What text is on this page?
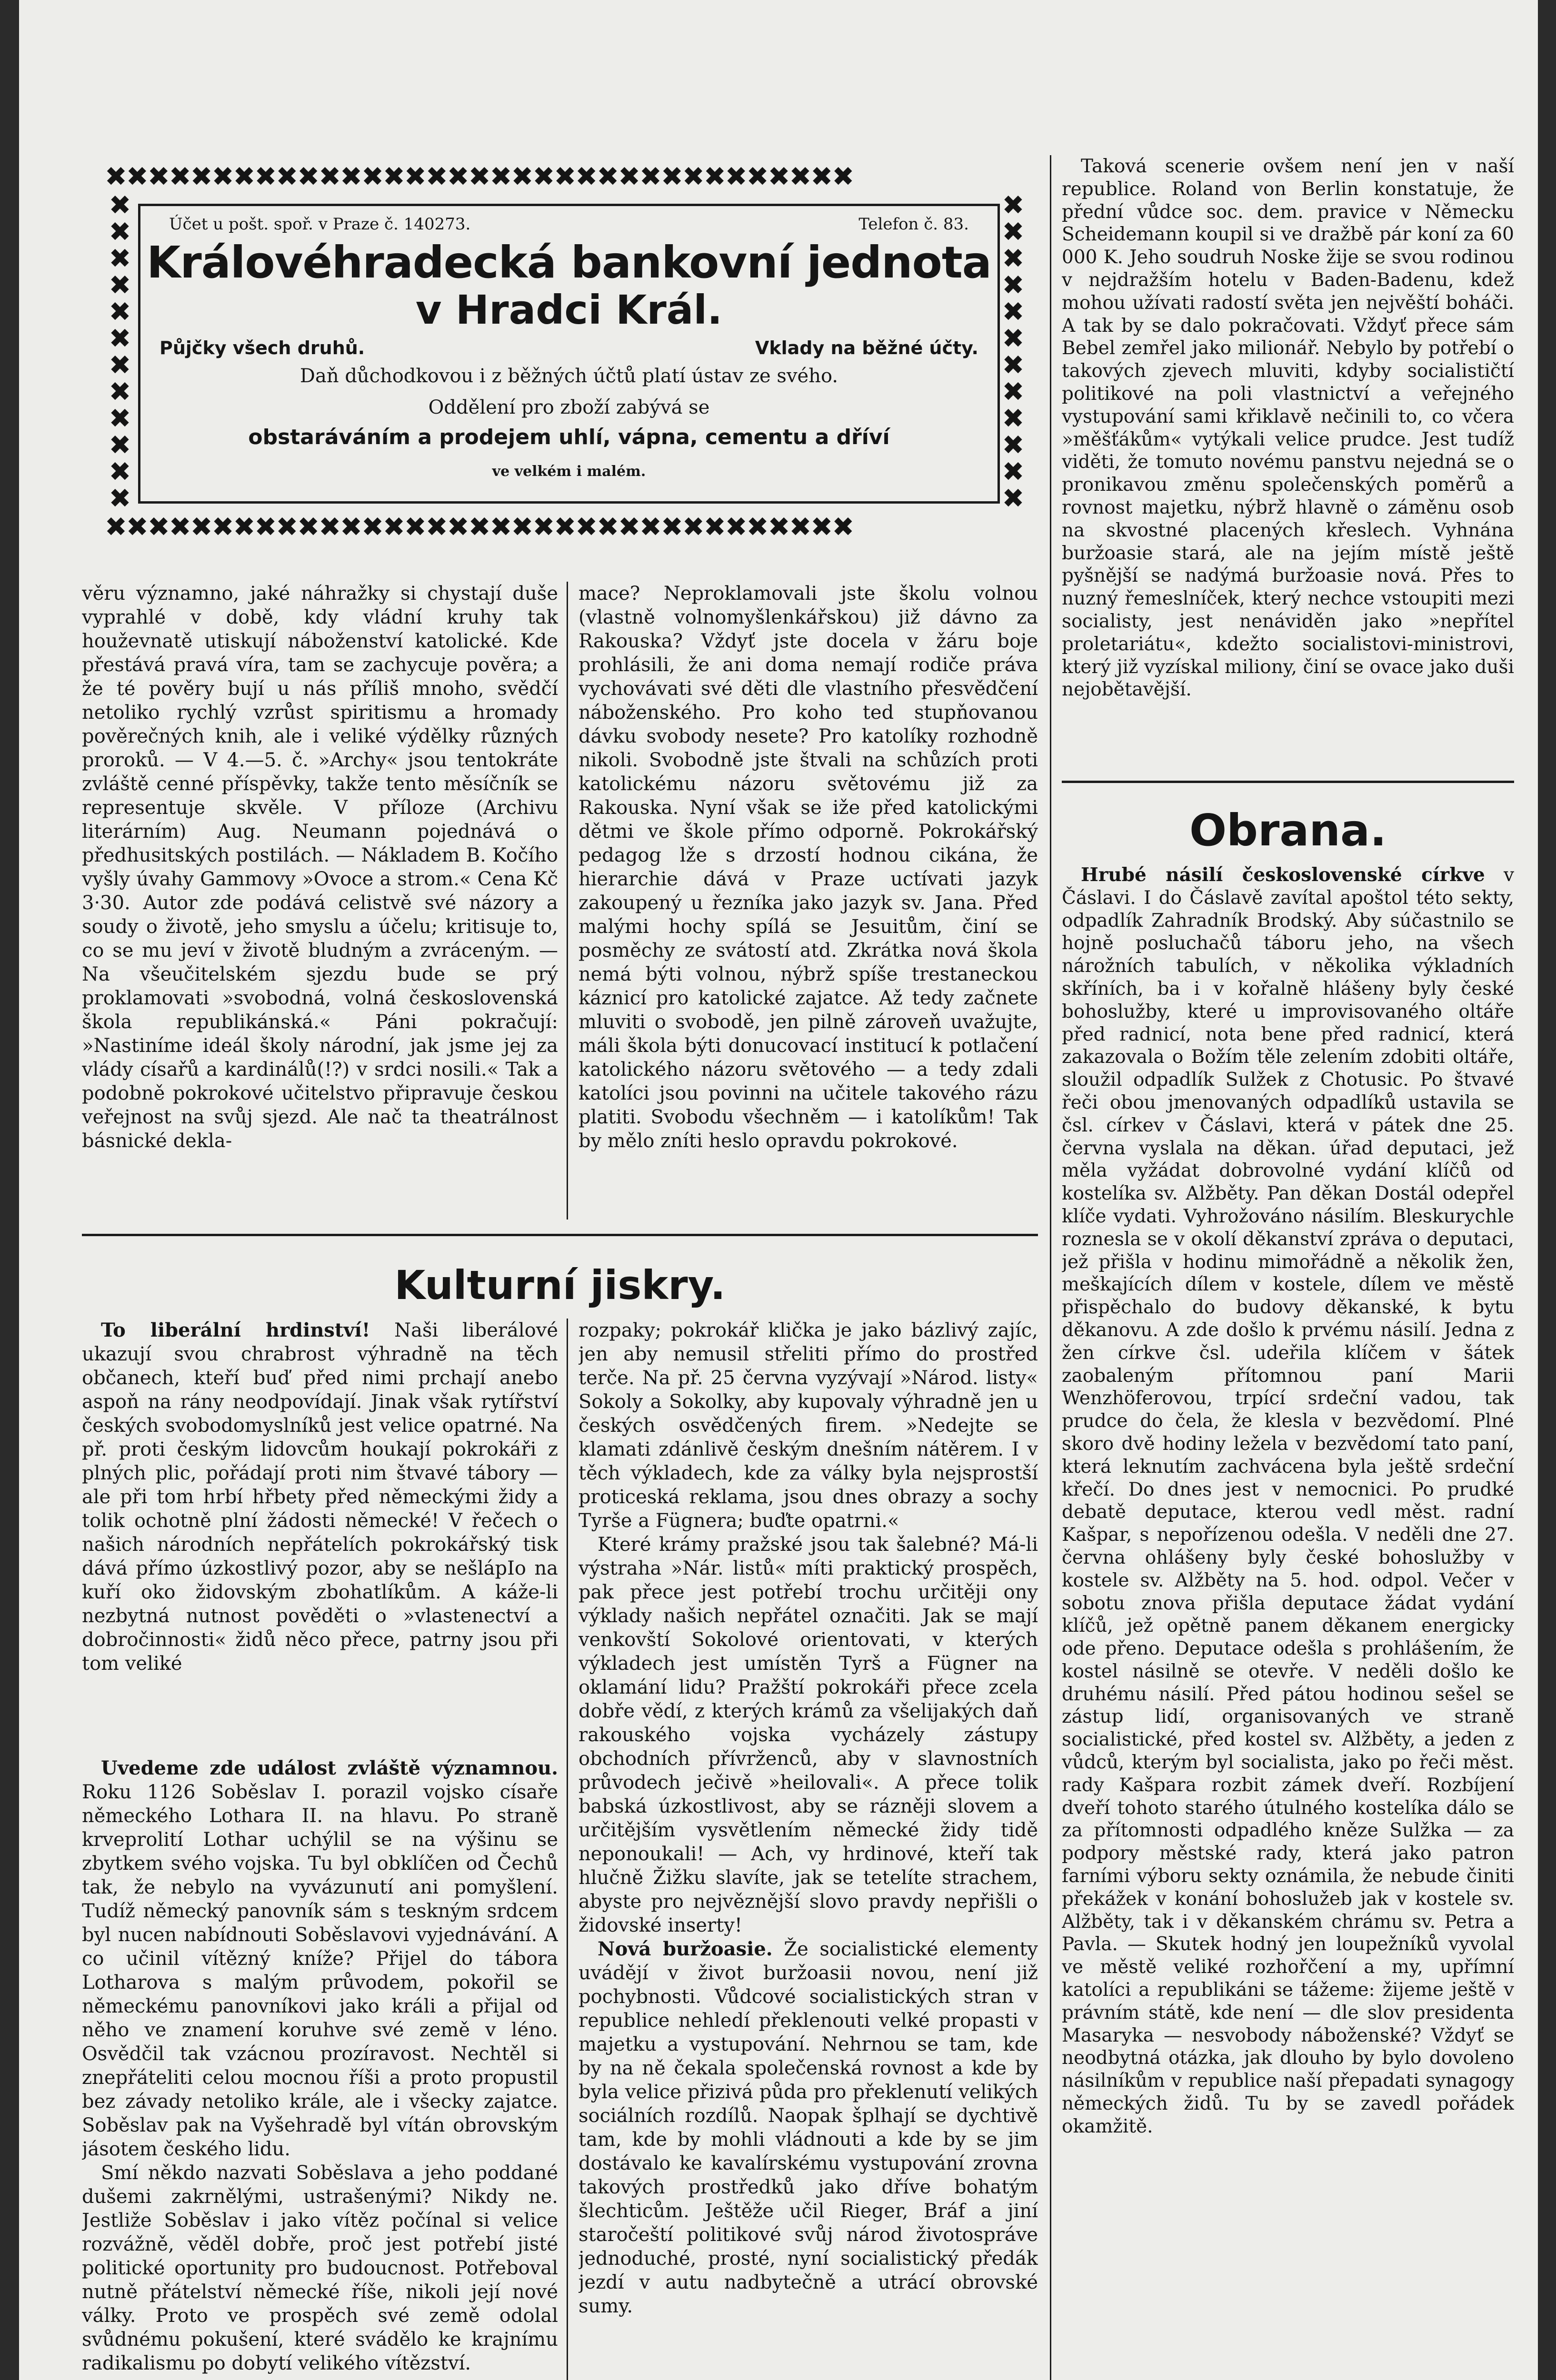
✖✖✖✖✖✖✖✖✖✖✖✖✖✖✖✖✖✖✖✖✖✖✖✖✖✖✖✖✖✖✖✖✖✖✖
✖✖✖✖✖✖✖✖✖✖✖✖✖✖✖✖✖✖✖✖✖✖✖✖✖✖✖✖✖✖✖✖✖✖✖
✖✖✖✖✖✖✖✖✖✖✖✖
✖✖✖✖✖✖✖✖✖✖✖✖
Účet u pošt. spoř. v Praze č. 140273.	Telefon č. 83.
Královéhradecká bankovní jednota
v Hradci Král.
Půjčky všech druhů.	Vklady na běžné účty.
Daň důchodkovou i z běžných účtů platí ústav ze svého.
Oddělení pro zboží zabývá se
obstaráváním a prodejem uhlí, vápna, cementu a dříví
ve velkém i malém.

Taková scenerie ovšem není jen v naší republice. Roland von Berlin konstatuje, že přední vůdce soc. dem. pravice v Německu Scheidemann koupil si ve dražbě pár koní za 60 000 K. Jeho soudruh Noske žije se svou rodinou v nejdražším hotelu v Baden-Badenu, kdež mohou užívati radostí světa jen nejvěští boháči. A tak by se dalo pokračovati. Vždyť přece sám Bebel zemřel jako milionář. Nebylo by potřebí o takových zjevech mluviti, kdyby socialističtí politikové na poli vlastnictví a veřejného vystupování sami křiklavě nečinili to, co včera »měšťákům« vytýkali velice prudce. Jest tudíž viděti, že tomuto novému panstvu nejedná se o pronikavou změnu společenských poměrů a rovnost majetku, nýbrž hlavně o záměnu osob na skvostné placených křeslech. Vyhnána buržoasie stará, ale na jejím místě ještě pyšnější se nadýmá buržoasie nová. Přes to nuzný řemeslníček, který nechce vstoupiti mezi socialisty, jest nenáviděn jako »nepřítel proletariátu«, kdežto socialistovi-ministrovi, který již vyzískal miliony, činí se ovace jako duši nejobětavější.

Obrana.

Hrubé násilí československé církve v Čáslavi. I do Čáslavě zavítal apoštol této sekty, odpadlík Zahradník Brodský. Aby súčastnilo se hojně posluchačů táboru jeho, na všech nárožních tabulích, v několika výkladních skříních, ba i v kořalně hlášeny byly české bohoslužby, které u improvisovaného oltáře před radnicí, nota bene před radnicí, která zakazovala o Božím těle zelením zdobiti oltáře, sloužil odpadlík Sulžek z Chotusic. Po štvavé řeči obou jmenovaných odpadlíků ustavila se čsl. církev v Čáslavi, která v pátek dne 25. června vyslala na děkan. úřad deputaci, jež měla vyžádat dobrovolné vydání klíčů od kostelíka sv. Alžběty. Pan děkan Dostál odepřel klíče vydati. Vyhrožováno násilím. Bleskurychle roznesla se v okolí děkanství zpráva o deputaci, jež přišla v hodinu mimořádně a několik žen, meškajících dílem v kostele, dílem ve městě přispěchalo do budovy děkanské, k bytu děkanovu. A zde došlo k prvému násilí. Jedna z žen církve čsl. udeřila klíčem v šátek zaobaleným přítomnou paní Marii Wenzhöferovou, trpící srdeční vadou, tak prudce do čela, že klesla v bezvědomí. Plné skoro dvě hodiny ležela v bezvědomí tato paní, která leknutím zachvácena byla ještě srdeční křečí. Do dnes jest v nemocnici. Po prudké debatě deputace, kterou vedl měst. radní Kašpar, s nepořízenou odešla. V neděli dne 27. června ohlášeny byly české bohoslužby v kostele sv. Alžběty na 5. hod. odpol. Večer v sobotu znova přišla deputace žádat vydání klíčů, jež opětně panem děkanem energicky ode přeno. Deputace odešla s prohlášením, že kostel násilně se otevře. V neděli došlo ke druhému násilí. Před pátou hodinou sešel se zástup lidí, organisovaných ve straně socialistické, před kostel sv. Alžběty, a jeden z vůdců, kterým byl socialista, jako po řeči měst. rady Kašpara rozbit zámek dveří. Rozbíjení dveří tohoto starého útulného kostelíka dálo se za přítomnosti odpadlého kněze Sulžka — za podpory městské rady, která jako patron farními výboru sekty oznámila, že nebude činiti překážek v konání bohoslužeb jak v kostele sv. Alžběty, tak i v děkanském chrámu sv. Petra a Pavla. — Skutek hodný jen loupežníků vyvolal ve městě veliké rozhořčení a my, upřímní katolíci a republikáni se tážeme: žijeme ještě v právním státě, kde není — dle slov presidenta Masaryka — nesvobody náboženské? Vždyť se neodbytná otázka, jak dlouho by bylo dovoleno násilníkům v republice naší přepadati synagogy německých židů. Tu by se zavedl pořádek okamžitě.

věru významno, jaké náhražky si chystají duše vyprahlé v době, kdy vládní kruhy tak houževnatě utiskují náboženství katolické. Kde přestává pravá víra, tam se zachycuje pověra; a že té pověry bují u nás příliš mnoho, svědčí netoliko rychlý vzrůst spiritismu a hromady pověrečných knih, ale i veliké výdělky různých proroků. — V 4.—5. č. »Archy« jsou tentokráte zvláště cenné příspěvky, takže tento měsíčník se representuje skvěle. V příloze (Archivu literárním) Aug. Neumann pojednává o předhusitských postilách. — Nákladem B. Kočího vyšly úvahy Gammovy »Ovoce a strom.« Cena Kč 3·30. Autor zde podává celistvě své názory a soudy o životě, jeho smyslu a účelu; kritisuje to, co se mu jeví v životě bludným a zvráceným. — Na všeučitelském sjezdu bude se prý proklamovati »svobodná, volná československá škola republikánská.« Páni pokračují: »Nastiníme ideál školy národní, jak jsme jej za vlády císařů a kardinálů(!?) v srdci nosili.« Tak a podobně pokrokové učitelstvo připravuje českou veřejnost na svůj sjezd. Ale nač ta theatrálnost básnické dekla-

mace? Neproklamovali jste školu volnou (vlastně volnomyšlenkářskou) již dávno za Rakouska? Vždyť jste docela v žáru boje prohlásili, že ani doma nemají rodiče práva vychovávati své děti dle vlastního přesvědčení náboženského. Pro koho ted stupňovanou dávku svobody nesete? Pro katolíky rozhodně nikoli. Svobodně jste štvali na schůzích proti katolickému názoru světovému již za Rakouska. Nyní však se iže před katolickými dětmi ve škole přímo odporně. Pokrokářský pedagog lže s drzostí hodnou cikána, že hierarchie dává v Praze uctívati jazyk zakoupený u řezníka jako jazyk sv. Jana. Před malými hochy spílá se Jesuitům, činí se posměchy ze svátostí atd. Zkrátka nová škola nemá býti volnou, nýbrž spíše trestaneckou káznicí pro katolické zajatce. Až tedy začnete mluviti o svobodě, jen pilně zároveň uvažujte, máli škola býti donucovací institucí k potlačení katolického názoru světového — a tedy zdali katolíci jsou povinni na učitele takového rázu platiti. Svobodu všechněm — i katolíkům! Tak by mělo zníti heslo opravdu pokrokové.

Kulturní jiskry.

To liberální hrdinství! Naši liberálové ukazují svou chrabrost výhradně na těch občanech, kteří buď před nimi prchají anebo aspoň na rány neodpovídají. Jinak však rytířství českých svobodomyslníků jest velice opatrné. Na př. proti českým lidovcům houkají pokrokáři z plných plic, pořádají proti nim štvavé tábory — ale při tom hrbí hřbety před německými židy a tolik ochotně plní žádosti německé! V řečech o našich národních nepřátelích pokrokářský tisk dává přímo úzkostlivý pozor, aby se nešlápIo na kuří oko židovským zbohatlíkům. A káže-li nezbytná nutnost pověděti o »vlastenectví a dobročinnosti« židů něco přece, patrny jsou při tom veliké

Uvedeme zde událost zvláště významnou. Roku 1126 Soběslav I. porazil vojsko císaře německého Lothara II. na hlavu. Po straně krveprolití Lothar uchýlil se na výšinu se zbytkem svého vojska. Tu byl obklíčen od Čechů tak, že nebylo na vyvázunutí ani pomyšlení. Tudíž německý panovník sám s teskným srdcem byl nucen nabídnouti Soběslavovi vyjednávání. A co učinil vítězný kníže? Přijel do tábora Lotharova s malým průvodem, pokořil se německému panovníkovi jako králi a přijal od něho ve znamení koruhve své země v léno. Osvědčil tak vzácnou prozíravost. Nechtěl si znepřáteliti celou mocnou říši a proto propustil bez závady netoliko krále, ale i všecky zajatce. Soběslav pak na Vyšehradě byl vítán obrovským jásotem českého lidu.

Smí někdo nazvati Soběslava a jeho poddané dušemi zakrnělými, ustrašenými? Nikdy ne. Jestliže Soběslav i jako vítěz počínal si velice rozvážně, věděl dobře, proč jest potřebí jisté politické oportunity pro budoucnost. Potřeboval nutně přátelství německé říše, nikoli její nové války. Proto ve prospěch své země odolal svůdnému pokušení, které svádělo ke krajnímu radikalismu po dobytí velikého vítězství.

rozpaky; pokrokář klička je jako bázlivý zajíc, jen aby nemusil střeliti přímo do prostřed terče. Na př. 25 června vyzývají »Národ. listy« Sokoly a Sokolky, aby kupovaly výhradně jen u českých osvědčených firem. »Nedejte se klamati zdánlivě českým dnešním nátěrem. I v těch výkladech, kde za války byla nejsprostší proticeská reklama, jsou dnes obrazy a sochy Tyrše a Fügnera; buďte opatrni.«

Které krámy pražské jsou tak šalebné? Má-li výstraha »Nár. listů« míti praktický prospěch, pak přece jest potřebí trochu určitěji ony výklady našich nepřátel označiti. Jak se mají venkovští Sokolové orientovati, v kterých výkladech jest umístěn Tyrš a Fügner na oklamání lidu? Pražští pokrokáři přece zcela dobře vědí, z kterých krámů za všelijakých daň rakouského vojska vycházely zástupy obchodních přívrženců, aby v slavnostních průvodech ječivě »heilovali«. A přece tolik babská úzkostlivost, aby se rázněji slovem a určitějším vysvětlením německé židy tidě neponoukali! — Ach, vy hrdinové, kteří tak hlučně Žižku slavíte, jak se tetelíte strachem, abyste pro nejvěznější slovo pravdy nepřišli o židovské inserty!

Nová buržoasie. Že socialistické elementy uvádějí v život buržoasii novou, není již pochybnosti. Vůdcové socialistických stran v republice nehledí překlenouti velké propasti v majetku a vystupování. Nehrnou se tam, kde by na ně čekala společenská rovnost a kde by byla velice přizivá půda pro překlenutí velikých sociálních rozdílů. Naopak šplhají se dychtivě tam, kde by mohli vládnouti a kde by se jim dostávalo ke kavalírskému vystupování zrovna takových prostředků jako dříve bohatým šlechticům. Ještěže učil Rieger, Bráf a jiní staročeští politikové svůj národ životospráve jednoduché, prosté, nyní socialistický předák jezdí v autu nadbytečně a utrácí obrovské sumy.
